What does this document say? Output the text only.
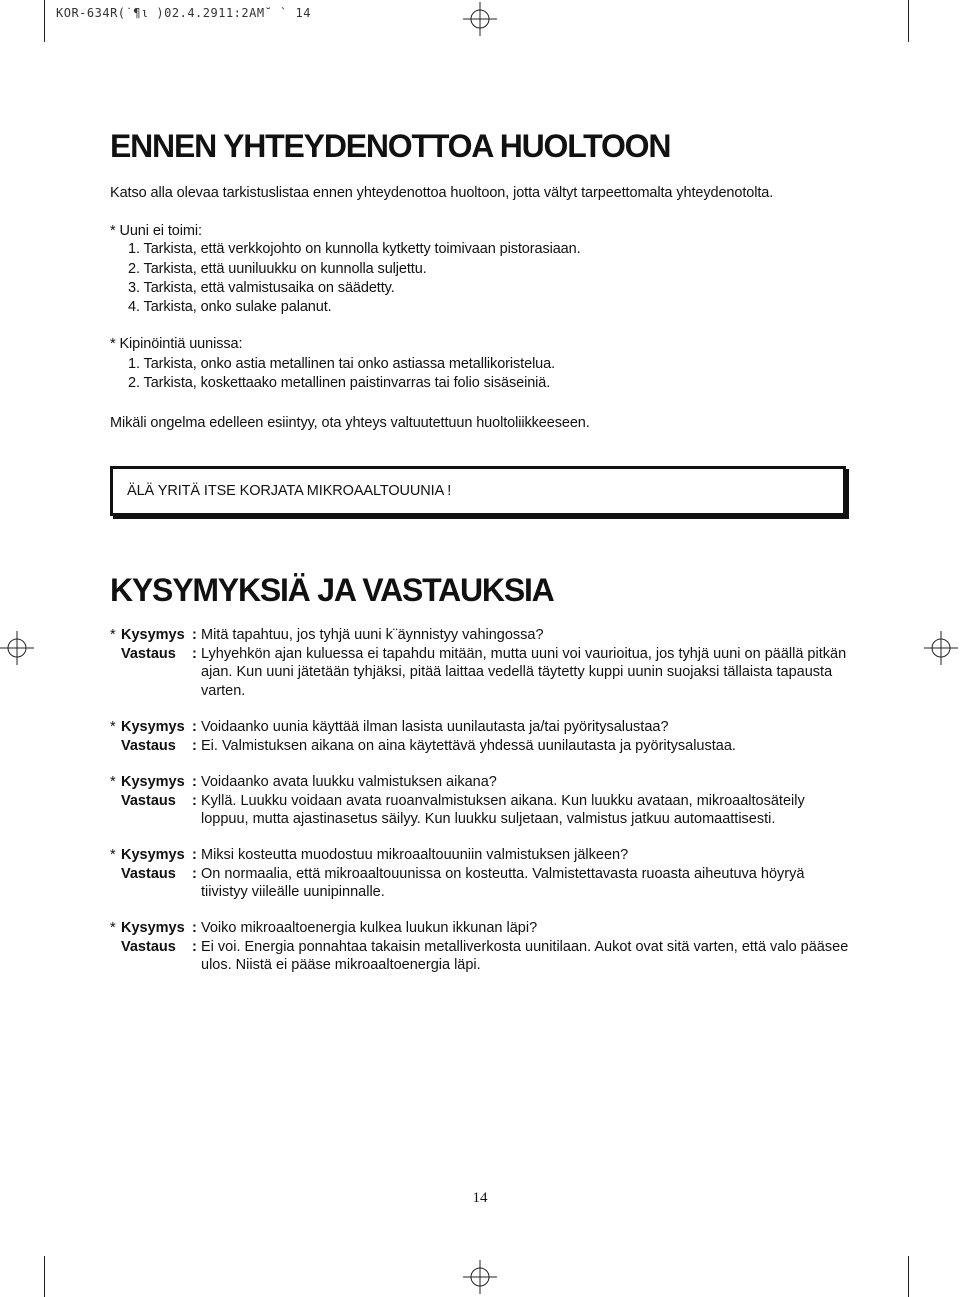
KOR-634R(˙¶ι )02.4.2911:2AM˘ ` 14
ENNEN YHTEYDENOTTOA HUOLTOON
Katso alla olevaa tarkistuslistaa ennen yhteydenottoa huoltoon, jotta vältyt tarpeettomalta yhteydenotolta.
* Uuni ei toimi:
1. Tarkista, että verkkojohto on kunnolla kytketty toimivaan pistorasiaan.
2. Tarkista, että uuniluukku on kunnolla suljettu.
3. Tarkista, että valmistusaika on säädetty.
4. Tarkista, onko sulake palanut.
* Kipinöintiä uunissa:
1. Tarkista, onko astia metallinen tai onko astiassa metallikoristelua.
2. Tarkista, koskettaako metallinen paistinvarras tai folio sisäseiniä.
Mikäli ongelma edelleen esiintyy, ota yhteys valtuutettuun huoltoliikkeeseen.
ÄLÄ YRITÄ ITSE KORJATA MIKROAALTOUUNIA !
KYSYMYKSIÄ JA VASTAUKSIA
* Kysymys : Mitä tapahtuu, jos tyhjä uuni k¨äynnistyy vahingossa?
Vastaus : Lyhyehkön ajan kuluessa ei tapahdu mitään, mutta uuni voi vaurioitua, jos tyhjä uuni on päällä pitkän ajan. Kun uuni jätetään tyhjäksi, pitää laittaa vedellä täytetty kuppi uunin suojaksi tällaista tapausta varten.
* Kysymys : Voidaanko uunia käyttää ilman lasista uunilautasta ja/tai pyöritysalustaa?
Vastaus : Ei. Valmistuksen aikana on aina käytettävä yhdessä uunilautasta ja pyöritysalustaa.
* Kysymys : Voidaanko avata luukku valmistuksen aikana?
Vastaus : Kyllä. Luukku voidaan avata ruoanvalmistuksen aikana. Kun luukku avataan, mikroaaltosäteily loppuu, mutta ajastinasetus säilyy. Kun luukku suljetaan, valmistus jatkuu automaattisesti.
* Kysymys : Miksi kosteutta muodostuu mikroaaltouuniin valmistuksen jälkeen?
Vastaus : On normaalia, että mikroaaltouunissa on kosteutta. Valmistettavasta ruoasta aiheutuva höyryä tiivistyy viileälle uunipinnalle.
* Kysymys : Voiko mikroaaltoenergia kulkea luukun ikkunan läpi?
Vastaus : Ei voi. Energia ponnahtaa takaisin metalliverkosta uunitilaan. Aukot ovat sitä varten, että valo pääsee ulos. Niistä ei pääse mikroaaltoenergia läpi.
14
